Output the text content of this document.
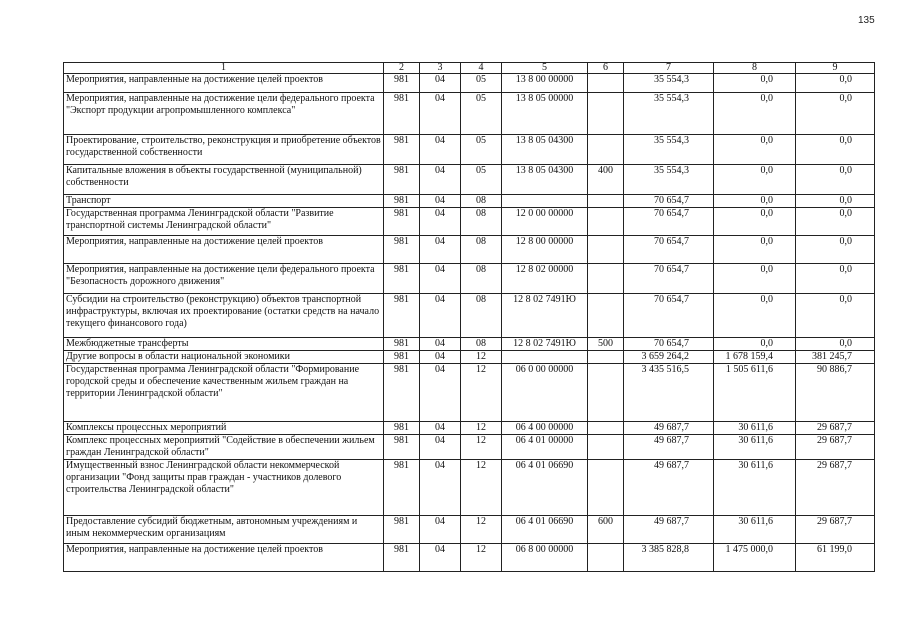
135
1	2	3	4	5	6	7	8	9
Мероприятия, направленные на достижение целей проектов	981	04	05	13 8 00 00000		35 554,3	0,0	0,0
Мероприятия, направленные на достижение цели федерального проекта "Экспорт продукции агропромышленного комплекса"	981	04	05	13 8 05 00000		35 554,3	0,0	0,0
Проектирование, строительство, реконструкция и приобретение объектов государственной собственности	981	04	05	13 8 05 04300		35 554,3	0,0	0,0
Капитальные вложения в объекты государственной (муниципальной) собственности	981	04	05	13 8 05 04300	400	35 554,3	0,0	0,0
Транспорт	981	04	08			70 654,7	0,0	0,0
Государственная программа Ленинградской области "Развитие транспортной системы Ленинградской области"	981	04	08	12 0 00 00000		70 654,7	0,0	0,0
Мероприятия, направленные на достижение целей проектов	981	04	08	12 8 00 00000		70 654,7	0,0	0,0
Мероприятия, направленные на достижение цели федерального проекта "Безопасность дорожного движения"	981	04	08	12 8 02 00000		70 654,7	0,0	0,0
Субсидии на строительство (реконструкцию) объектов транспортной инфраструктуры, включая их проектирование (остатки средств на начало текущего финансового года)	981	04	08	12 8 02 7491Ю		70 654,7	0,0	0,0
Межбюджетные трансферты	981	04	08	12 8 02 7491Ю	500	70 654,7	0,0	0,0
Другие вопросы в области национальной экономики	981	04	12			3 659 264,2	1 678 159,4	381 245,7
Государственная программа Ленинградской области "Формирование городской среды и обеспечение качественным жильем граждан на территории Ленинградской области"	981	04	12	06 0 00 00000		3 435 516,5	1 505 611,6	90 886,7
Комплексы процессных мероприятий	981	04	12	06 4 00 00000		49 687,7	30 611,6	29 687,7
Комплекс процессных мероприятий "Содействие в обеспечении жильем граждан Ленинградской области"	981	04	12	06 4 01 00000		49 687,7	30 611,6	29 687,7
Имущественный взнос Ленинградской области некоммерческой организации "Фонд защиты прав граждан - участников долевого строительства Ленинградской области"	981	04	12	06 4 01 06690		49 687,7	30 611,6	29 687,7
Предоставление субсидий бюджетным, автономным учреждениям и иным некоммерческим организациям	981	04	12	06 4 01 06690	600	49 687,7	30 611,6	29 687,7
Мероприятия, направленные на достижение целей проектов	981	04	12	06 8 00 00000		3 385 828,8	1 475 000,0	61 199,0
